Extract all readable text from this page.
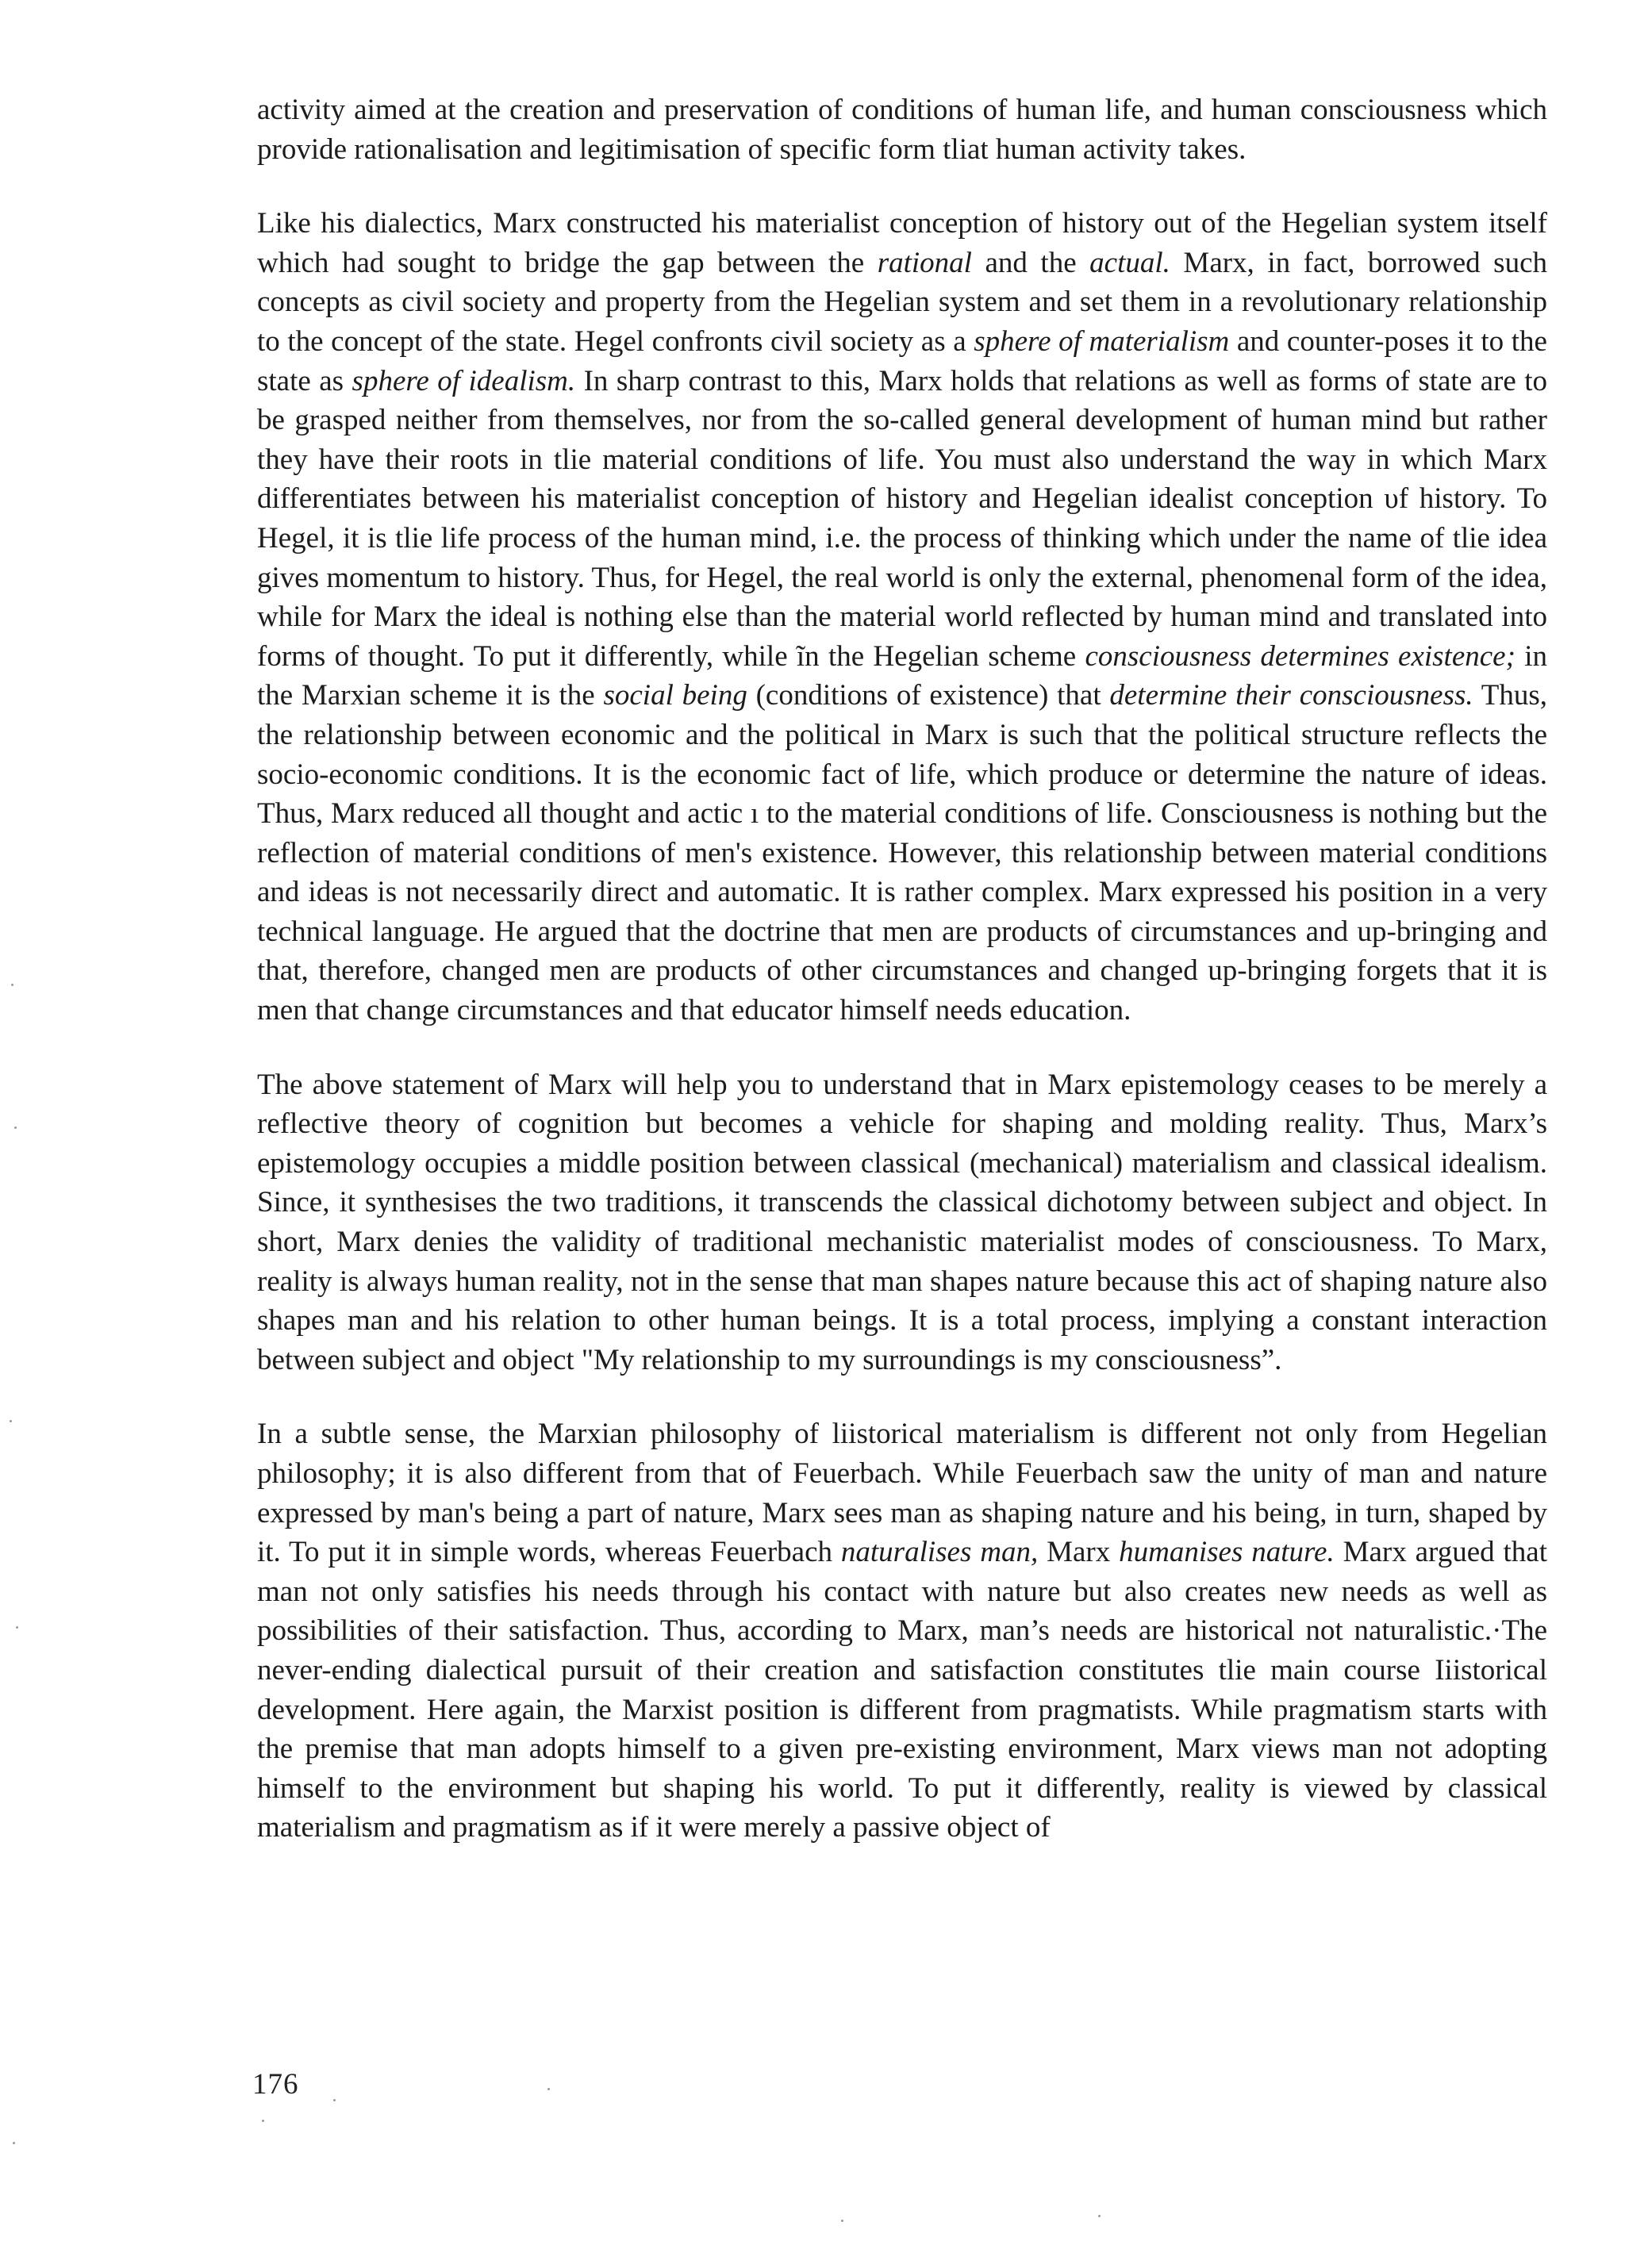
activity aimed at the creation and preservation of conditions of human life, and human consciousness which provide rationalisation and legitimisation of specific form tliat human activity takes.

Like his dialectics, Marx constructed his materialist conception of history out of the Hegelian system itself which had sought to bridge the gap between the rational and the actual. Marx, in fact, borrowed such concepts as civil society and property from the Hegelian system and set them in a revolutionary relationship to the concept of the state. Hegel confronts civil society as a sphere of materialism and counter-poses it to the state as sphere of idealism. In sharp contrast to this, Marx holds that relations as well as forms of state are to be grasped neither from themselves, nor from the so-called general development of human mind but rather they have their roots in tlie material conditions of life. You must also understand the way in which Marx differentiates between his materialist conception of history and Hegelian idealist conception υf history. To Hegel, it is tlie life process of the human mind, i.e. the process of thinking which under the name of tlie idea gives momentum to history. Thus, for Hegel, the real world is only the external, phenomenal form of the idea, while for Marx the ideal is nothing else than the material world reflected by human mind and translated into forms of thought. To put it differently, while ĩn the Hegelian scheme consciousness determines existence; in the Marxian scheme it is the social being (conditions of existence) that determine their consciousness. Thus, the relationship between economic and the political in Marx is such that the political structure reflects the socio-economic conditions. It is the economic fact of life, which produce or determine the nature of ideas. Thus, Marx reduced all thought and actic ı to the material conditions of life. Consciousness is nothing but the reflection of material conditions of men's existence. However, this relationship between material conditions and ideas is not necessarily direct and automatic. It is rather complex. Marx expressed his position in a very technical language. He argued that the doctrine that men are products of circumstances and up-bringing and that, therefore, changed men are products of other circumstances and changed up-bringing forgets that it is men that change circumstances and that educator himself needs education.

The above statement of Marx will help you to understand that in Marx epistemology ceases to be merely a reflective theory of cognition but becomes a vehicle for shaping and molding reality. Thus, Marx’s epistemology occupies a middle position between classical (mechanical) materialism and classical idealism. Since, it synthesises the two traditions, it transcends the classical dichotomy between subject and object. In short, Marx denies the validity of traditional mechanistic materialist modes of consciousness. To Marx, reality is always human reality, not in the sense that man shapes nature because this act of shaping nature also shapes man and his relation to other human beings. It is a total process, implying a constant interaction between subject and object "My relationship to my surroundings is my consciousness”.

In a subtle sense, the Marxian philosophy of liistorical materialism is different not only from Hegelian philosophy; it is also different from that of Feuerbach. While Feuerbach saw the unity of man and nature expressed by man's being a part of nature, Marx sees man as shaping nature and his being, in turn, shaped by it. To put it in simple words, whereas Feuerbach naturalises man, Marx humanises nature. Marx argued that man not only satisfies his needs through his contact with nature but also creates new needs as well as possibilities of their satisfaction. Thus, according to Marx, man’s needs are historical not naturalistic.·The never-ending dialectical pursuit of their creation and satisfaction constitutes tlie main course Iiistorical development. Here again, the Marxist position is different from pragmatists. While pragmatism starts with the premise that man adopts himself to a given pre-existing environment, Marx views man not adopting himself to the environment but shaping his world. To put it differently, reality is viewed by classical materialism and pragmatism as if it were merely a passive object of

176
